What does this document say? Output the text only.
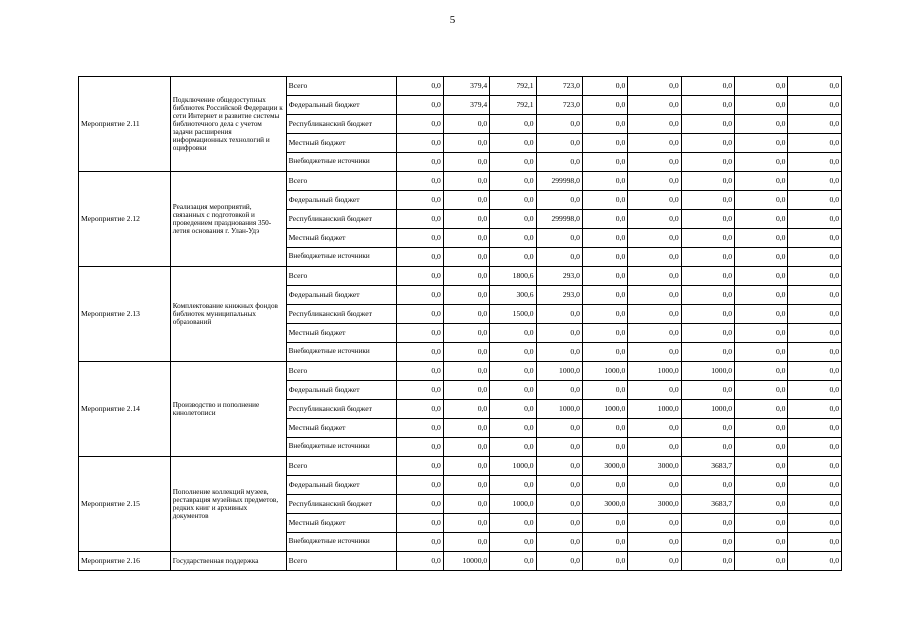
5
Мероприятие 2.11	Подключение общедоступных библиотек Российской Федерации к сети Интернет и развитие системы библиотечного дела с учетом задачи расширения информационных технологий и оцифровки	Всего	0,0	379,4	792,1	723,0	0,0	0,0	0,0	0,0	0,0
		Федеральный бюджет	0,0	379,4	792,1	723,0	0,0	0,0	0,0	0,0	0,0
		Республиканский бюджет	0,0	0,0	0,0	0,0	0,0	0,0	0,0	0,0	0,0
		Местный бюджет	0,0	0,0	0,0	0,0	0,0	0,0	0,0	0,0	0,0
		Внебюджетные источники	0,0	0,0	0,0	0,0	0,0	0,0	0,0	0,0	0,0
Мероприятие 2.12	Реализация мероприятий, связанных с подготовкой и проведением празднования 350-летия основания г. Улан-Удэ	Всего	0,0	0,0	0,0	299998,0	0,0	0,0	0,0	0,0	0,0
		Федеральный бюджет	0,0	0,0	0,0	0,0	0,0	0,0	0,0	0,0	0,0
		Республиканский бюджет	0,0	0,0	0,0	299998,0	0,0	0,0	0,0	0,0	0,0
		Местный бюджет	0,0	0,0	0,0	0,0	0,0	0,0	0,0	0,0	0,0
		Внебюджетные источники	0,0	0,0	0,0	0,0	0,0	0,0	0,0	0,0	0,0
Мероприятие 2.13	Комплектование книжных фондов библиотек муниципальных образований	Всего	0,0	0,0	1800,6	293,0	0,0	0,0	0,0	0,0	0,0
		Федеральный бюджет	0,0	0,0	300,6	293,0	0,0	0,0	0,0	0,0	0,0
		Республиканский бюджет	0,0	0,0	1500,0	0,0	0,0	0,0	0,0	0,0	0,0
		Местный бюджет	0,0	0,0	0,0	0,0	0,0	0,0	0,0	0,0	0,0
		Внебюджетные источники	0,0	0,0	0,0	0,0	0,0	0,0	0,0	0,0	0,0
Мероприятие 2.14	Производство и пополнение кинолетописи	Всего	0,0	0,0	0,0	1000,0	1000,0	1000,0	1000,0	0,0	0,0
		Федеральный бюджет	0,0	0,0	0,0	0,0	0,0	0,0	0,0	0,0	0,0
		Республиканский бюджет	0,0	0,0	0,0	1000,0	1000,0	1000,0	1000,0	0,0	0,0
		Местный бюджет	0,0	0,0	0,0	0,0	0,0	0,0	0,0	0,0	0,0
		Внебюджетные источники	0,0	0,0	0,0	0,0	0,0	0,0	0,0	0,0	0,0
Мероприятие 2.15	Пополнение коллекций музеев, реставрация музейных предметов, редких книг и архивных документов	Всего	0,0	0,0	1000,0	0,0	3000,0	3000,0	3683,7	0,0	0,0
		Федеральный бюджет	0,0	0,0	0,0	0,0	0,0	0,0	0,0	0,0	0,0
		Республиканский бюджет	0,0	0,0	1000,0	0,0	3000,0	3000,0	3683,7	0,0	0,0
		Местный бюджет	0,0	0,0	0,0	0,0	0,0	0,0	0,0	0,0	0,0
		Внебюджетные источники	0,0	0,0	0,0	0,0	0,0	0,0	0,0	0,0	0,0
Мероприятие 2.16	Государственная поддержка	Всего	0,0	10000,0	0,0	0,0	0,0	0,0	0,0	0,0	0,0
